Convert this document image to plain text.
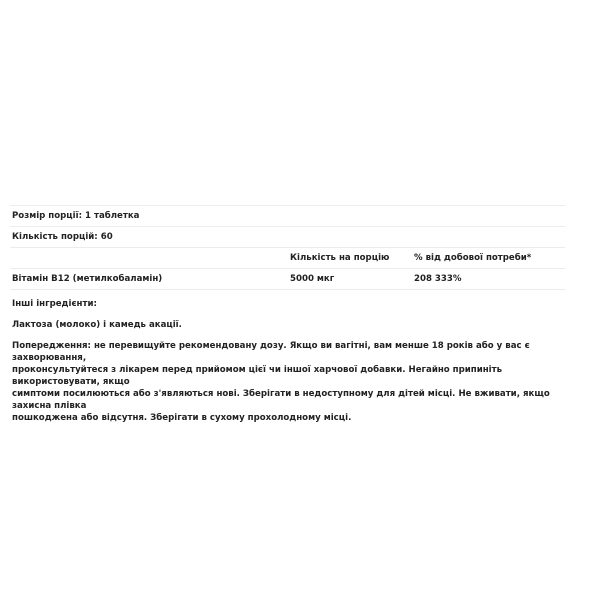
Розмір порції: 1 таблетка		
Кількість порцій: 60		
	Кількість на порцію	% від добової потреби*
Вітамін B12 (метилкобаламін)	5000 мкг	208 333%

Інші інгредієнти:

Лактоза (молоко) і камедь акації.

Попередження: не перевищуйте рекомендовану дозу. Якщо ви вагітні, вам менше 18 років або у вас є захворювання,

проконсультуйтеся з лікарем перед прийомом цієї чи іншої харчової добавки. Негайно припиніть використовувати, якщо

симптоми посилюються або з'являються нові. Зберігати в недоступному для дітей місці. Не вживати, якщо захисна плівка

пошкоджена або відсутня. Зберігати в сухому прохолодному місці.
